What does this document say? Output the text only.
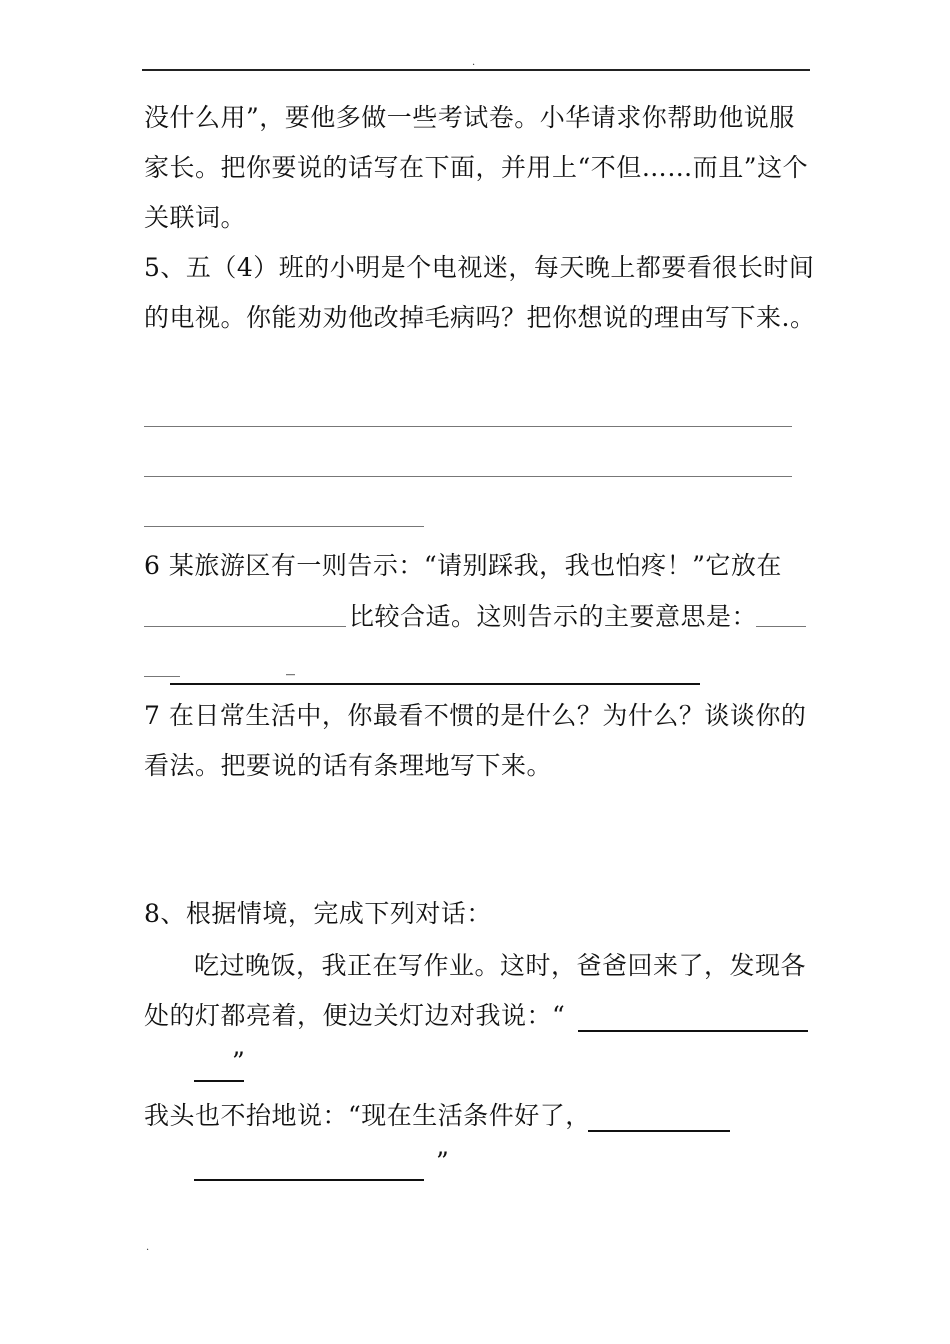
.
没什么用”，要他多做一些考试卷。小华请求你帮助他说服
家长。把你要说的话写在下面，并用上“不但……而且”这个
关联词。
5、五（4）班的小明是个电视迷，每天晚上都要看很长时间
的电视。你能劝劝他改掉毛病吗？把你想说的理由写下来.。
6 某旅游区有一则告示：“请别踩我，我也怕疼！”它放在
比较合适。这则告示的主要意思是：
_
7 在日常生活中，你最看不惯的是什么？为什么？谈谈你的
看法。把要说的话有条理地写下来。
8、根据情境，完成下列对话：
吃过晚饭，我正在写作业。这时，爸爸回来了，发现各
处的灯都亮着，便边关灯边对我说：“
”
我头也不抬地说：“现在生活条件好了，
”
.
